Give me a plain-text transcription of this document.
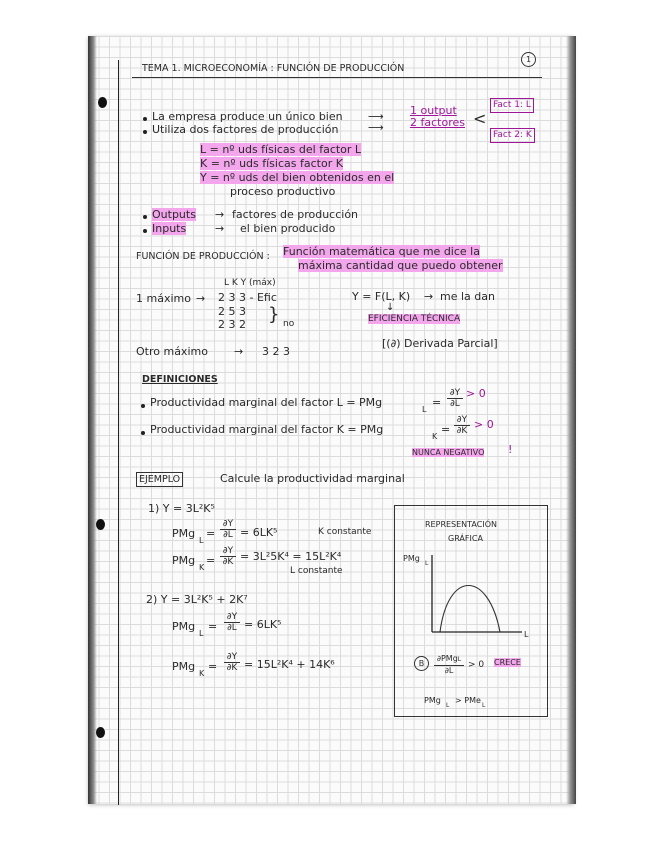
TEMA 1. MICROECONOMÍA : FUNCIÓN DE PRODUCCIÓN
1
La empresa produce un único bien ⟶ 1 output
Utiliza dos factores de producción	⟶ 2 factores <
Fact 1: L
Fact 2: K
L = nº uds físicas del factor L
K = nº uds físicas factor K
Y = nº uds del bien obtenidos en el
proceso productivo
Outputs → factores de producción
Inputs	→ el bien producido
FUNCIÓN DE PRODUCCIÓN : Función matemática que me dice la
máxima cantidad que puedo obtener
L K Y (máx)
1 máximo → 2 3 3 - Efic
2 5 3
2 3 2 } no
Y = F(L, K) → me la dan
↓
EFICIENCIA TÉCNICA
Otro máximo → 3 2 3
[(∂) Derivada Parcial]
DEFINICIONES
Productividad marginal del factor L = PMg
L
= $\frac{\partial Y}{\partial L} > 0$
Productividad marginal del factor K = PMg
K
= $\frac{\partial Y}{\partial K} > 0$
NUNCA NEGATIVO !
EJEMPLO	Calcule la productividad marginal
1) Y = 3L²K⁵
PMg
L
= $\frac{\partial Y}{\partial L} = 6LK^5$	K constante
PMg
K
= $\frac{\partial Y}{\partial K} = 3L^25K^4 = 15L^2K^4$
L constante
2) Y = 3L²K⁵ + 2K⁷
PMg
L
= $\frac{\partial Y}{\partial L} = 6LK^5$
PMg
K
= $\frac{\partial Y}{\partial K} = 15L^2K^4 + 14K^6$
REPRESENTACIÓN
GRÁFICA
PMg
L
L
B
∂PMgL
∂L
> 0 CRECE
PMg
L
> PMe
L
